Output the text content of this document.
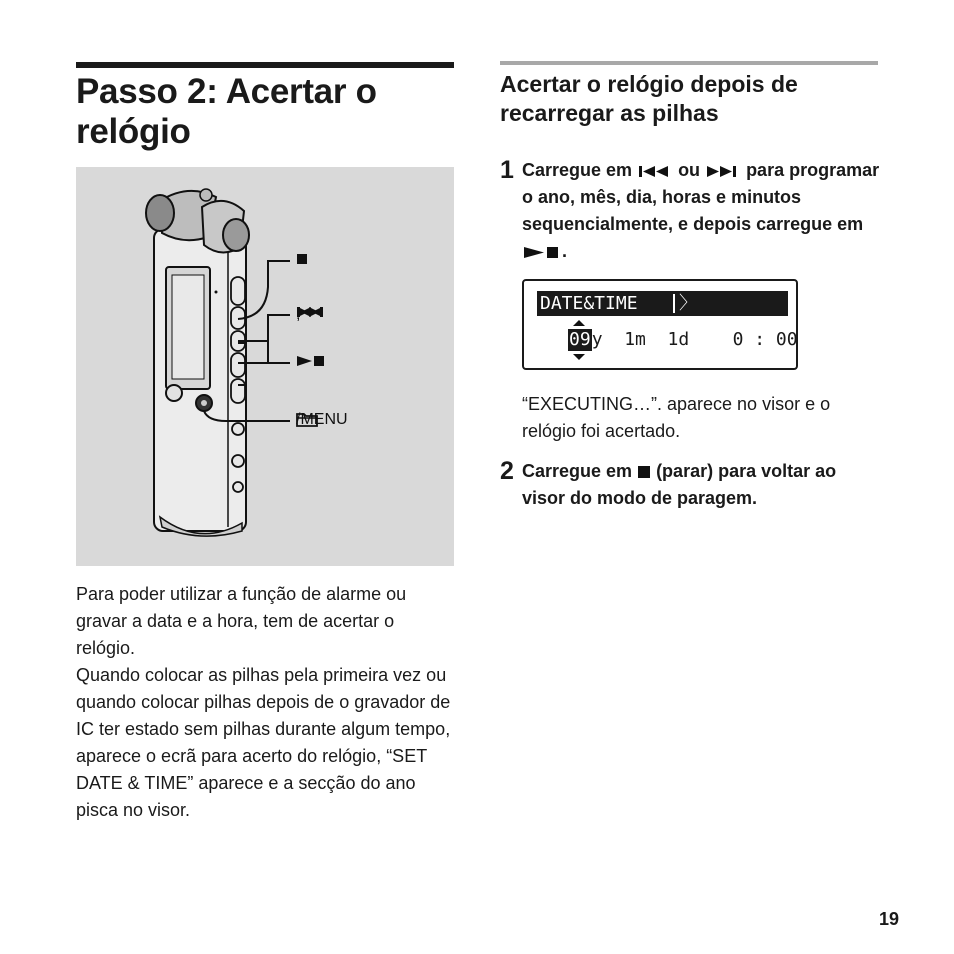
Passo 2: Acertar o relógio
/MENU

Para poder utilizar a função de alarme ou gravar a data e a hora, tem de acertar o relógio.

Quando colocar as pilhas pela primeira vez ou quando colocar pilhas depois de o gravador de IC ter estado sem pilhas durante algum tempo, aparece o ecrã para acerto do relógio, “SET DATE & TIME” aparece e a secção do ano pisca no visor.

Acertar o relógio depois de recarregar as pilhas
1 Carregue em  ou  para programar o ano, mês, dia, horas e minutos sequencialmente, e depois carregue em .

DATE&TIME 〉
09 y  1m  1d    0 : 00

“EXECUTING…”. aparece no visor e o relógio foi acertado.

2 Carregue em  (parar) para voltar ao visor do modo de paragem.

19
